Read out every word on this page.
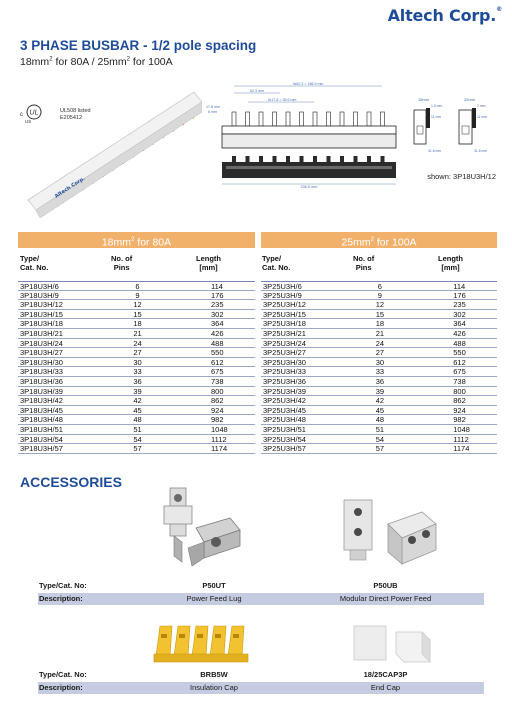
Altech Corp.®
3 PHASE BUSBAR - 1/2 pole spacing
$18mm^2$ for $80A / 25mm^2$ for 100A
c UL
US
UL508 listed
E205412
Altech Corp.
3x62.3 = 186.9 mm
62.3 mm
2x17.8 = 35.6 mm
17.8 mm
6 mm
236.5 mm
18mm
1.5 mm
11 mm
31.6 mm
25mm
2 mm
11 mm
31.6 mm
shown: 3P18U3H/12
$18mm^2$ for 80A	$25mm^2$ for 100A
Type/
Cat. No.
No. of
Pins
Length
[mm]
Type/
Cat. No.
No. of
Pins
Length
[mm]
3P18U3H/6	6	114
3P18U3H/9	9	176
3P18U3H/12	12	235
3P18U3H/15	15	302
3P18U3H/18	18	364
3P18U3H/21	21	426
3P18U3H/24	24	488
3P18U3H/27	27	550
3P18U3H/30	30	612
3P18U3H/33	33	675
3P18U3H/36	36	738
3P18U3H/39	39	800
3P18U3H/42	42	862
3P18U3H/45	45	924
3P18U3H/48	48	982
3P18U3H/51	51	1048
3P18U3H/54	54	1112
3P18U3H/57	57	1174
3P25U3H/6	6	114
3P25U3H/9	9	176
3P25U3H/12	12	235
3P25U3H/15	15	302
3P25U3H/18	18	364
3P25U3H/21	21	426
3P25U3H/24	24	488
3P25U3H/27	27	550
3P25U3H/30	30	612
3P25U3H/33	33	675
3P25U3H/36	36	738
3P25U3H/39	39	800
3P25U3H/42	42	862
3P25U3H/45	45	924
3P25U3H/48	48	982
3P25U3H/51	51	1048
3P25U3H/54	54	1112
3P25U3H/57	57	1174
ACCESSORIES
Type/Cat. No:	P50UT	P50UB
Description:	Power Feed Lug	Modular Direct Power Feed
Type/Cat. No:	BRB5W	18/25CAP3P
Description:	Insulation Cap	End Cap
